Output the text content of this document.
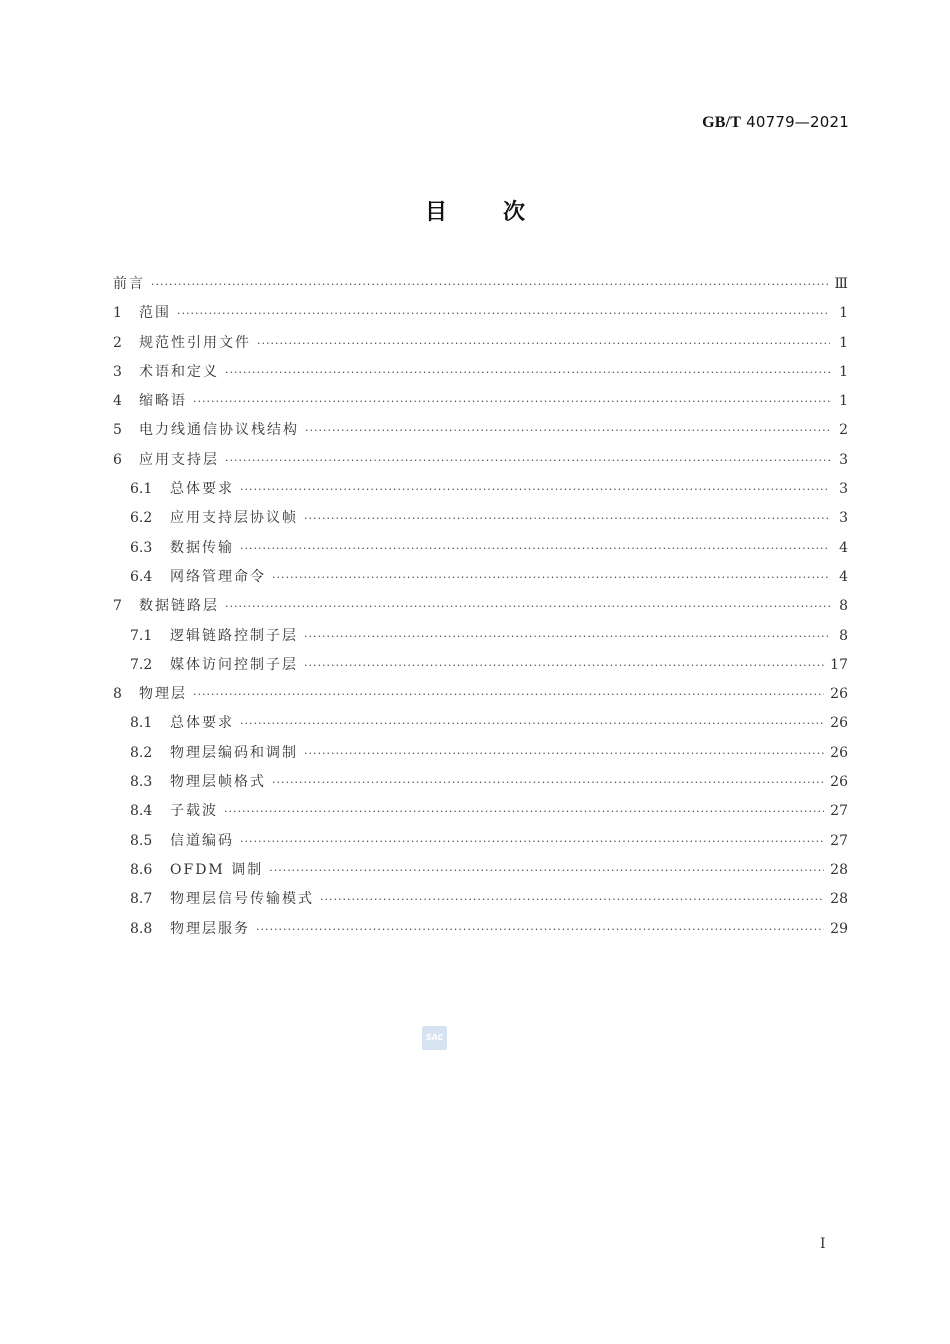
GB/T 40779—2021
目	次
前言 ·····	Ⅲ
1	范围 ·····	1
2	规范性引用文件 ·····	1
3	术语和定义 ·····	1
4	缩略语 ·····	1
5	电力线通信协议栈结构 ·····	2
6	应用支持层 ·····	3
6.1	总体要求 ·····	3
6.2	应用支持层协议帧 ·····	3
6.3	数据传输 ·····	4
6.4	网络管理命令 ·····	4
7	数据链路层 ·····	8
7.1	逻辑链路控制子层 ·····	8
7.2	媒体访问控制子层 ·····	17
8	物理层 ·····	26
8.1	总体要求 ·····	26
8.2	物理层编码和调制 ·····	26
8.3	物理层帧格式 ·····	26
8.4	子载波 ·····	27
8.5	信道编码 ·····	27
8.6	OFDM 调制 ·····	28
8.7	物理层信号传输模式 ·····	28
8.8	物理层服务 ·····	29
SAC
I
